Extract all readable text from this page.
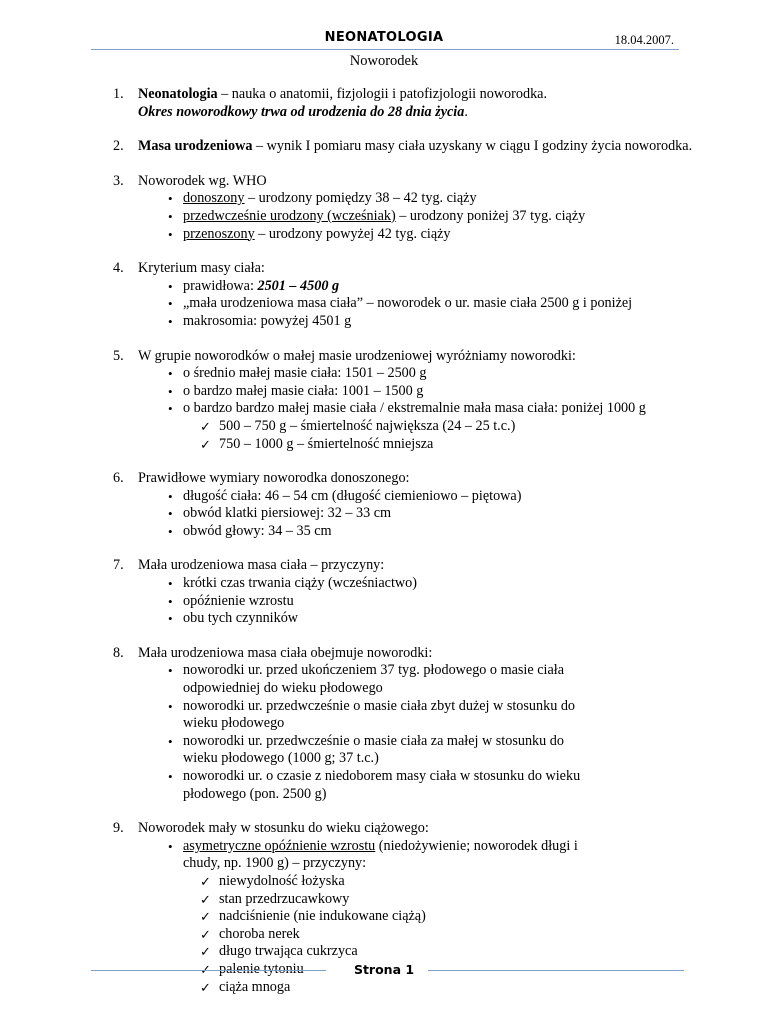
NEONATOLOGIA	18.04.2007.
Noworodek
1. Neonatologia – nauka o anatomii, fizjologii i patofizjologii noworodka.
Okres noworodkowy trwa od urodzenia do 28 dnia życia.
2. Masa urodzeniowa – wynik I pomiaru masy ciała uzyskany w ciągu I godziny życia noworodka.
3. Noworodek wg. WHO
• donoszony – urodzony pomiędzy 38 – 42 tyg. ciąży
• przedwcześnie urodzony (wcześniak) – urodzony poniżej 37 tyg. ciąży
• przenoszony – urodzony powyżej 42 tyg. ciąży
4. Kryterium masy ciała:
• prawidłowa: 2501 – 4500 g
• „mała urodzeniowa masa ciała” – noworodek o ur. masie ciała 2500 g i poniżej
• makrosomia: powyżej 4501 g
5. W grupie noworodków o małej masie urodzeniowej wyróżniamy noworodki:
• o średnio małej masie ciała: 1501 – 2500 g
• o bardzo małej masie ciała: 1001 – 1500 g
• o bardzo bardzo małej masie ciała / ekstremalnie mała masa ciała: poniżej 1000 g
✓ 500 – 750 g – śmiertelność największa (24 – 25 t.c.)
✓ 750 – 1000 g – śmiertelność mniejsza
6. Prawidłowe wymiary noworodka donoszonego:
• długość ciała: 46 – 54 cm (długość ciemieniowo – piętowa)
• obwód klatki piersiowej: 32 – 33 cm
• obwód głowy: 34 – 35 cm
7. Mała urodzeniowa masa ciała – przyczyny:
• krótki czas trwania ciąży (wcześniactwo)
• opóźnienie wzrostu
• obu tych czynników
8. Mała urodzeniowa masa ciała obejmuje noworodki:
• noworodki ur. przed ukończeniem 37 tyg. płodowego o masie ciała odpowiedniej do wieku płodowego
• noworodki ur. przedwcześnie o masie ciała zbyt dużej w stosunku do wieku płodowego
• noworodki ur. przedwcześnie o masie ciała za małej w stosunku do wieku płodowego (1000 g; 37 t.c.)
• noworodki ur. o czasie z niedoborem masy ciała w stosunku do wieku płodowego (pon. 2500 g)
9. Noworodek mały w stosunku do wieku ciążowego:
• asymetryczne opóźnienie wzrostu (niedożywienie; noworodek długi i chudy, np. 1900 g) – przyczyny:
✓ niewydolność łożyska
✓ stan przedrzucawkowy
✓ nadciśnienie (nie indukowane ciążą)
✓ choroba nerek
✓ długo trwająca cukrzyca
✓ palenie tytoniu
✓ ciąża mnoga
Strona 1
